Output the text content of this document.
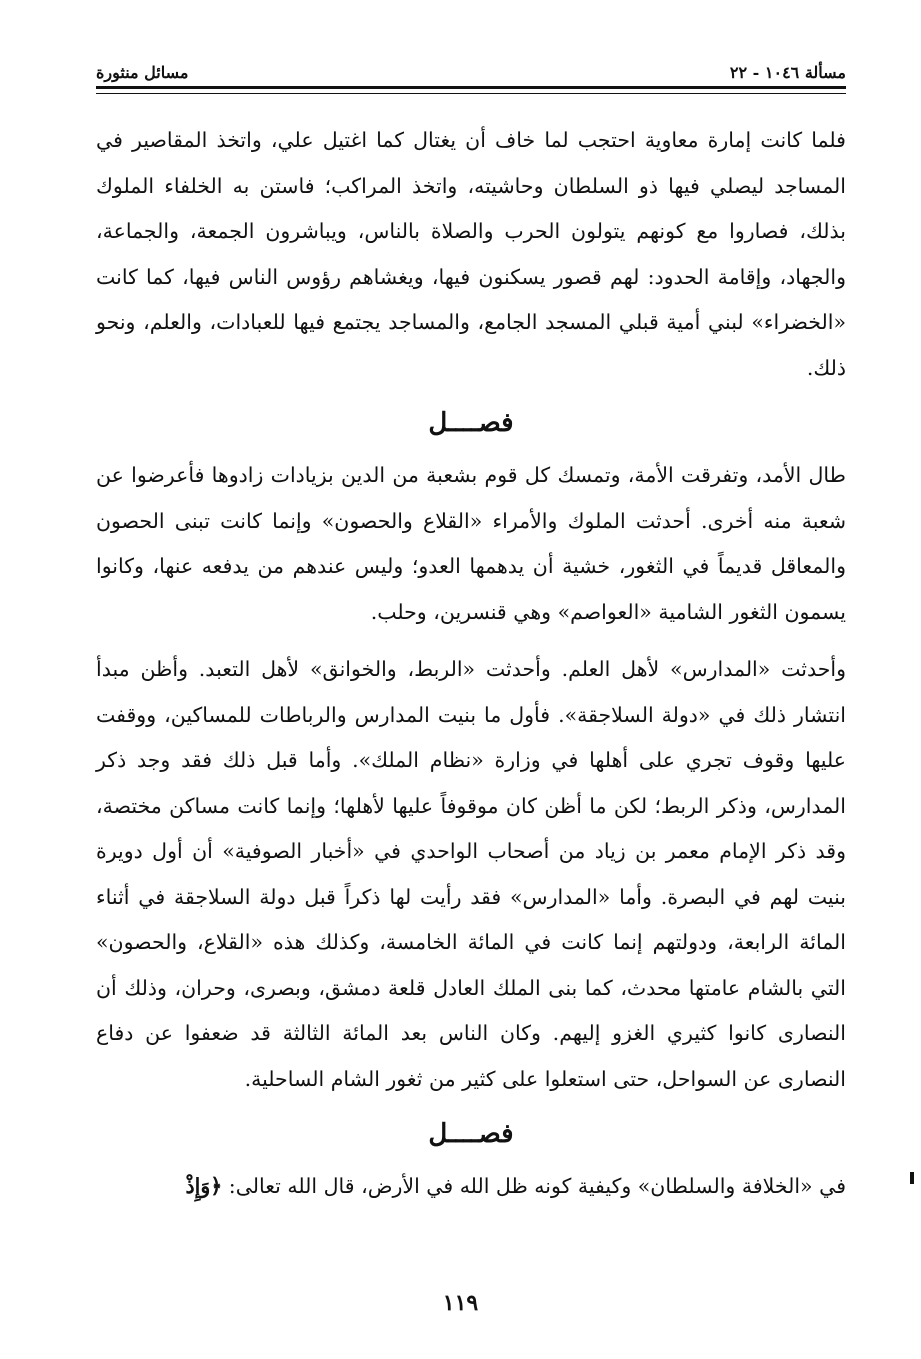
مسألة ١٠٤٦ - ٢٢
مسائل منثورة

فلما كانت إمارة معاوية احتجب لما خاف أن يغتال كما اغتيل علي، واتخذ المقاصير في المساجد ليصلي فيها ذو السلطان وحاشيته، واتخذ المراكب؛ فاستن به الخلفاء الملوك بذلك، فصاروا مع كونهم يتولون الحرب والصلاة بالناس، ويباشرون الجمعة، والجماعة، والجهاد، وإقامة الحدود: لهم قصور يسكنون فيها، ويغشاهم رؤوس الناس فيها، كما كانت «الخضراء» لبني أمية قبلي المسجد الجامع، والمساجد يجتمع فيها للعبادات، والعلم، ونحو ذلك.

فصــــل

طال الأمد، وتفرقت الأمة، وتمسك كل قوم بشعبة من الدين بزيادات زادوها فأعرضوا عن شعبة منه أخرى. أحدثت الملوك والأمراء «القلاع والحصون» وإنما كانت تبنى الحصون والمعاقل قديماً في الثغور، خشية أن يدهمها العدو؛ وليس عندهم من يدفعه عنها، وكانوا يسمون الثغور الشامية «العواصم» وهي قنسرين، وحلب.

وأحدثت «المدارس» لأهل العلم. وأحدثت «الربط، والخوانق» لأهل التعبد. وأظن مبدأ انتشار ذلك في «دولة السلاجقة». فأول ما بنيت المدارس والرباطات للمساكين، ووقفت عليها وقوف تجري على أهلها في وزارة «نظام الملك». وأما قبل ذلك فقد وجد ذكر المدارس، وذكر الربط؛ لكن ما أظن كان موقوفاً عليها لأهلها؛ وإنما كانت مساكن مختصة، وقد ذكر الإمام معمر بن زياد من أصحاب الواحدي في «أخبار الصوفية» أن أول دويرة بنيت لهم في البصرة. وأما «المدارس» فقد رأيت لها ذكراً قبل دولة السلاجقة في أثناء المائة الرابعة، ودولتهم إنما كانت في المائة الخامسة، وكذلك هذه «القلاع، والحصون» التي بالشام عامتها محدث، كما بنى الملك العادل قلعة دمشق، وبصرى، وحران، وذلك أن النصارى كانوا كثيري الغزو إليهم. وكان الناس بعد المائة الثالثة قد ضعفوا عن دفاع النصارى عن السواحل، حتى استعلوا على كثير من ثغور الشام الساحلية.

فصــــل

في «الخلافة والسلطان» وكيفية كونه ظل الله في الأرض، قال الله تعالى: ﴿وَإِذْ

١١٩
